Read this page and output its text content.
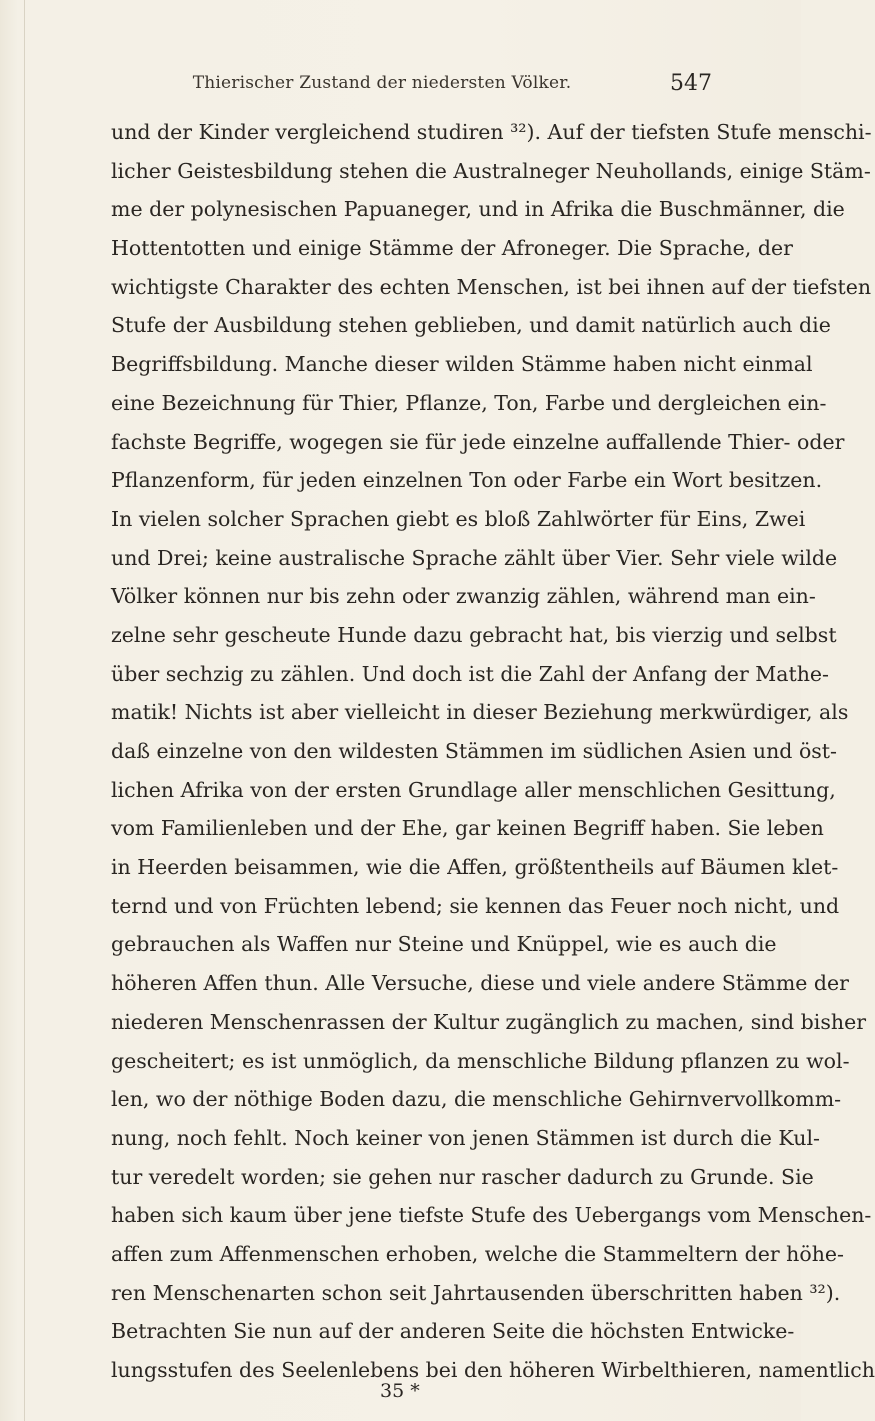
Thierischer Zustand der niedersten Völker.	547
und der Kinder vergleichend studiren ³²). Auf der tiefsten Stufe menschi-
licher Geistesbildung stehen die Australneger Neuhollands, einige Stäm-
me der polynesischen Papuaneger, und in Afrika die Buschmänner, die
Hottentotten und einige Stämme der Afroneger. Die Sprache, der
wichtigste Charakter des echten Menschen, ist bei ihnen auf der tiefsten
Stufe der Ausbildung stehen geblieben, und damit natürlich auch die
Begriffsbildung. Manche dieser wilden Stämme haben nicht einmal
eine Bezeichnung für Thier, Pflanze, Ton, Farbe und dergleichen ein-
fachste Begriffe, wogegen sie für jede einzelne auffallende Thier- oder
Pflanzenform, für jeden einzelnen Ton oder Farbe ein Wort besitzen.
In vielen solcher Sprachen giebt es bloß Zahlwörter für Eins, Zwei
und Drei; keine australische Sprache zählt über Vier. Sehr viele wilde
Völker können nur bis zehn oder zwanzig zählen, während man ein-
zelne sehr gescheute Hunde dazu gebracht hat, bis vierzig und selbst
über sechzig zu zählen. Und doch ist die Zahl der Anfang der Mathe-
matik! Nichts ist aber vielleicht in dieser Beziehung merkwürdiger, als
daß einzelne von den wildesten Stämmen im südlichen Asien und öst-
lichen Afrika von der ersten Grundlage aller menschlichen Gesittung,
vom Familienleben und der Ehe, gar keinen Begriff haben. Sie leben
in Heerden beisammen, wie die Affen, größtentheils auf Bäumen klet-
ternd und von Früchten lebend; sie kennen das Feuer noch nicht, und
gebrauchen als Waffen nur Steine und Knüppel, wie es auch die
höheren Affen thun. Alle Versuche, diese und viele andere Stämme der
niederen Menschenrassen der Kultur zugänglich zu machen, sind bisher
gescheitert; es ist unmöglich, da menschliche Bildung pflanzen zu wol-
len, wo der nöthige Boden dazu, die menschliche Gehirnvervollkomm-
nung, noch fehlt. Noch keiner von jenen Stämmen ist durch die Kul-
tur veredelt worden; sie gehen nur rascher dadurch zu Grunde. Sie
haben sich kaum über jene tiefste Stufe des Uebergangs vom Menschen-
affen zum Affenmenschen erhoben, welche die Stammeltern der höhe-
ren Menschenarten schon seit Jahrtausenden überschritten haben ³²).
Betrachten Sie nun auf der anderen Seite die höchsten Entwicke-
lungsstufen des Seelenlebens bei den höheren Wirbelthieren, namentlich
35 *
